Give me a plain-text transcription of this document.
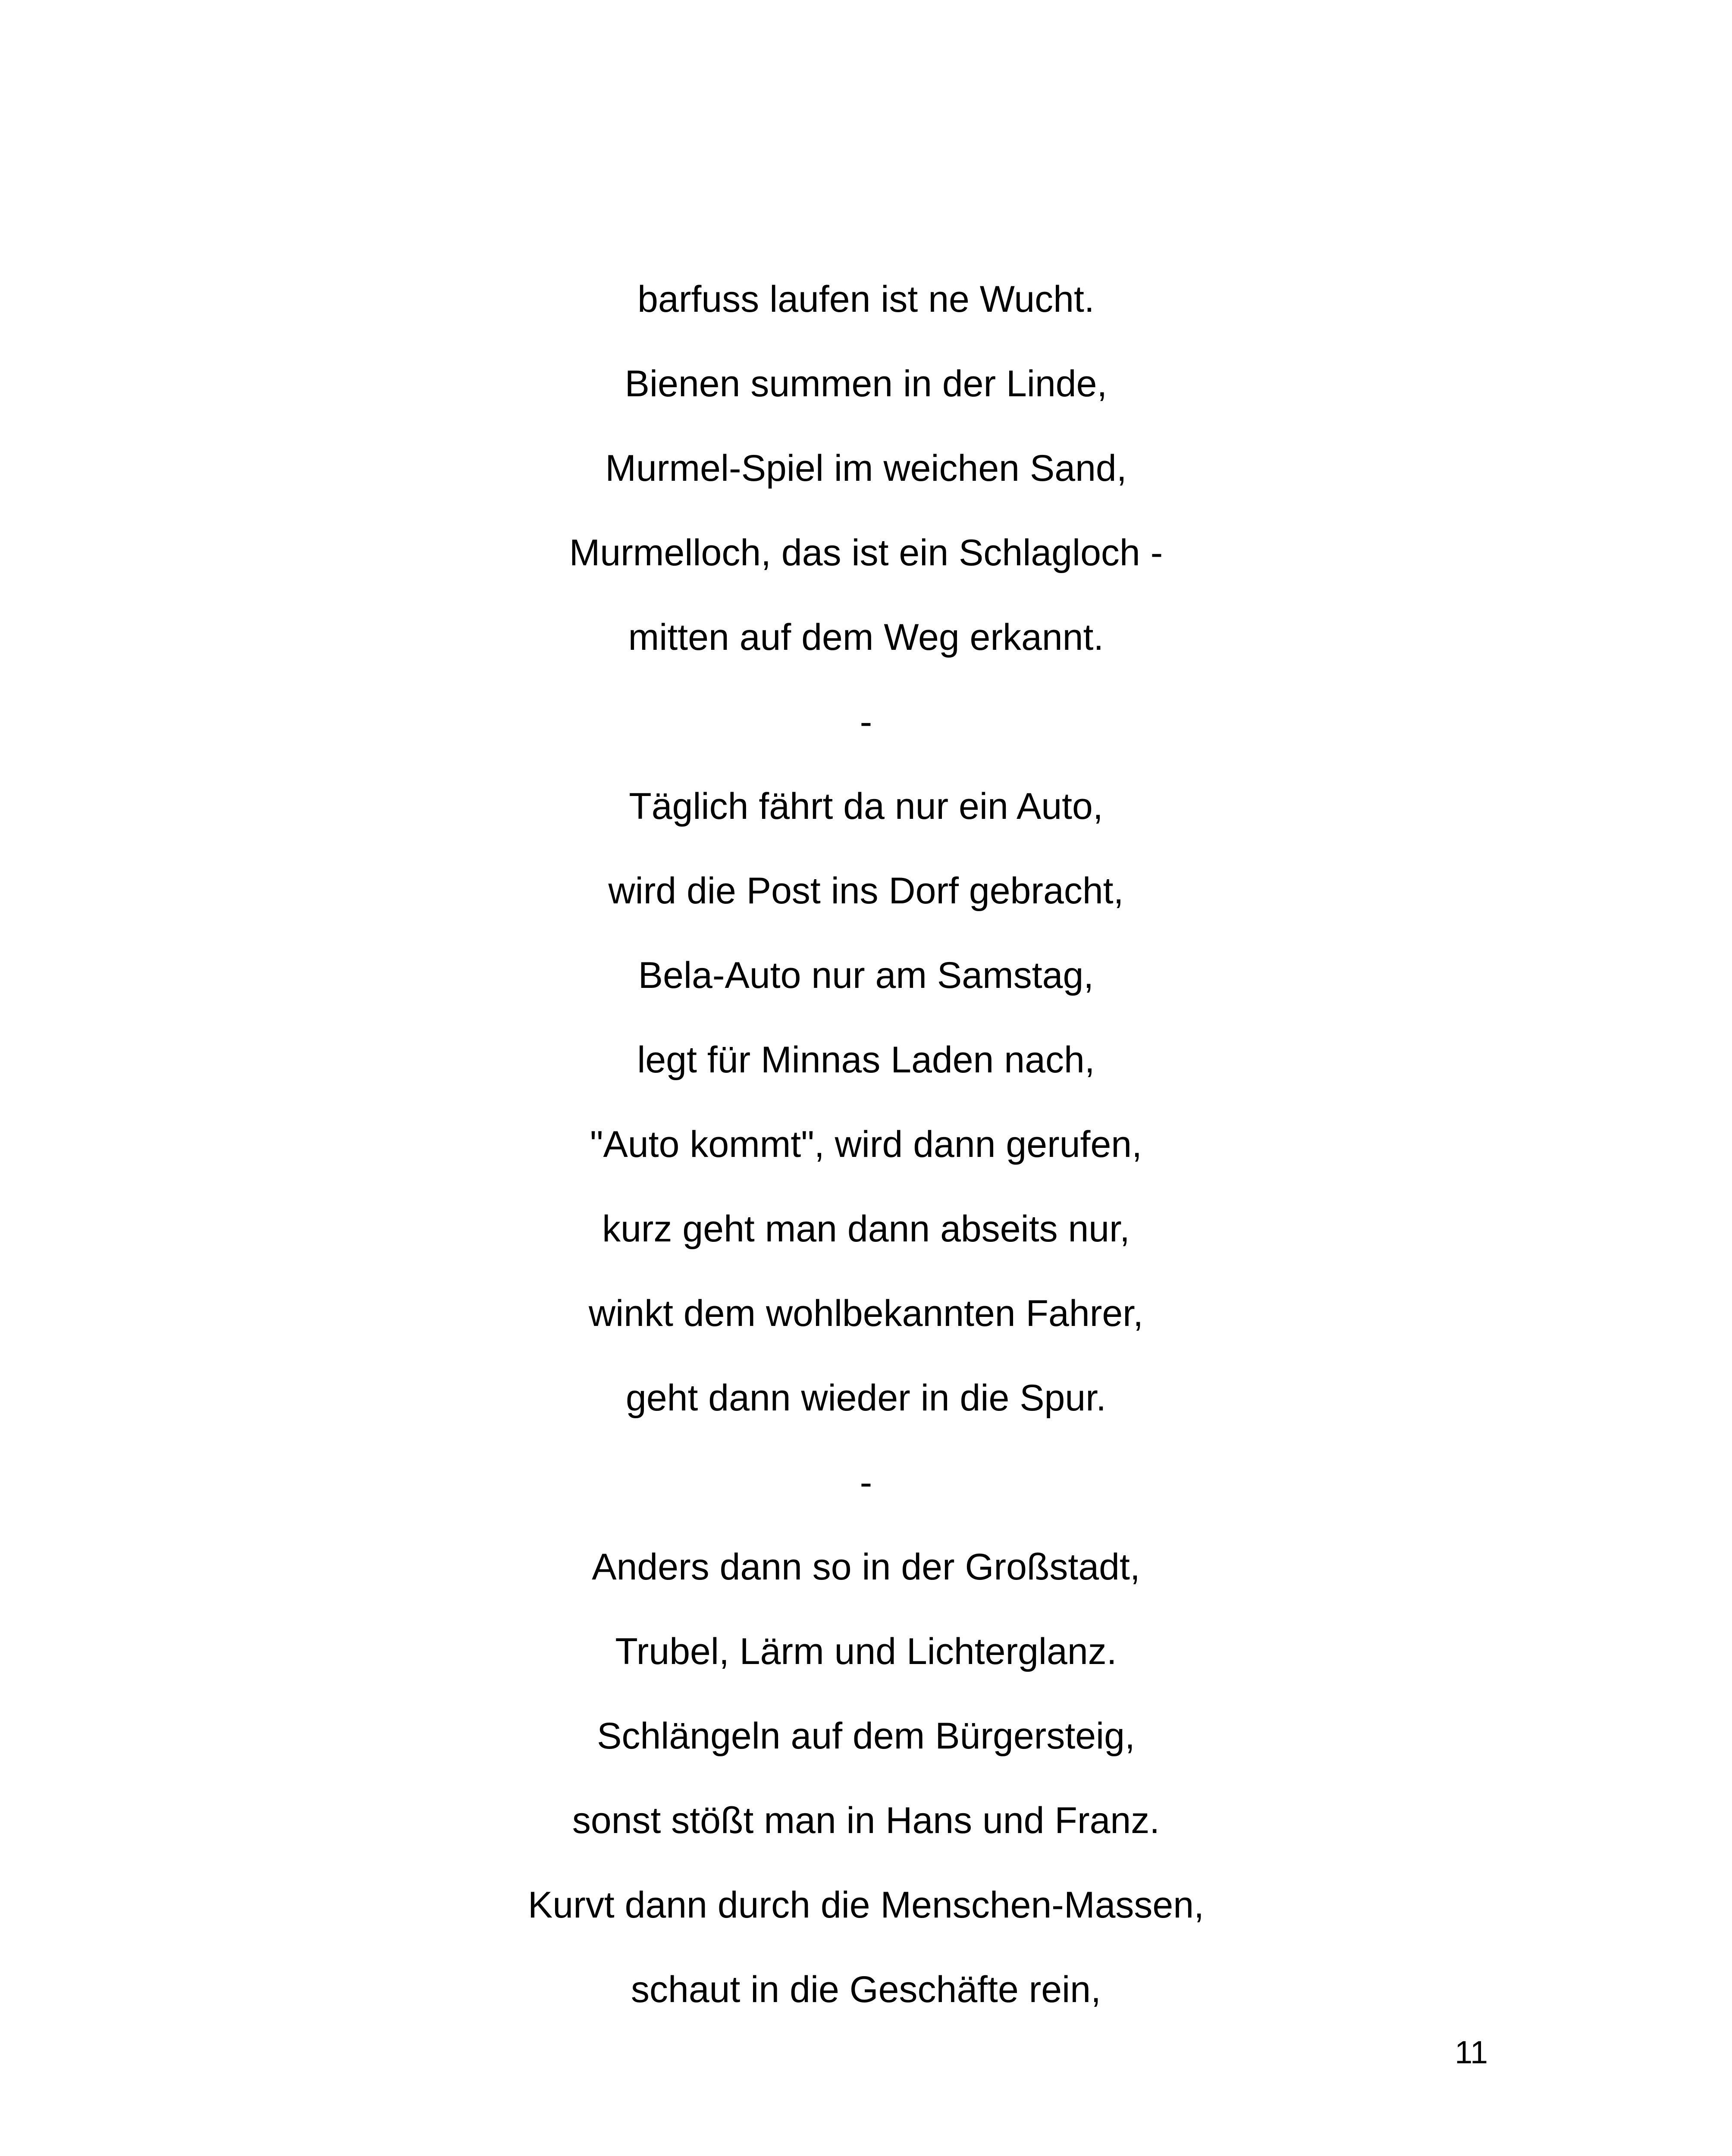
barfuss laufen ist ne Wucht.

Bienen summen in der Linde,

Murmel-Spiel im weichen Sand,

Murmelloch, das ist ein Schlagloch -

mitten auf dem Weg erkannt.

-

Täglich fährt da nur ein Auto,

wird die Post ins Dorf gebracht,

Bela-Auto nur am Samstag,

legt für Minnas Laden nach,

"Auto kommt", wird dann gerufen,

kurz geht man dann abseits nur,

winkt dem wohlbekannten Fahrer,

geht dann wieder in die Spur.

-

Anders dann so in der Großstadt,

Trubel, Lärm und Lichterglanz.

Schlängeln auf dem Bürgersteig,

sonst stößt man in Hans und Franz.

Kurvt dann durch die Menschen-Massen,

schaut in die Geschäfte rein,

11
